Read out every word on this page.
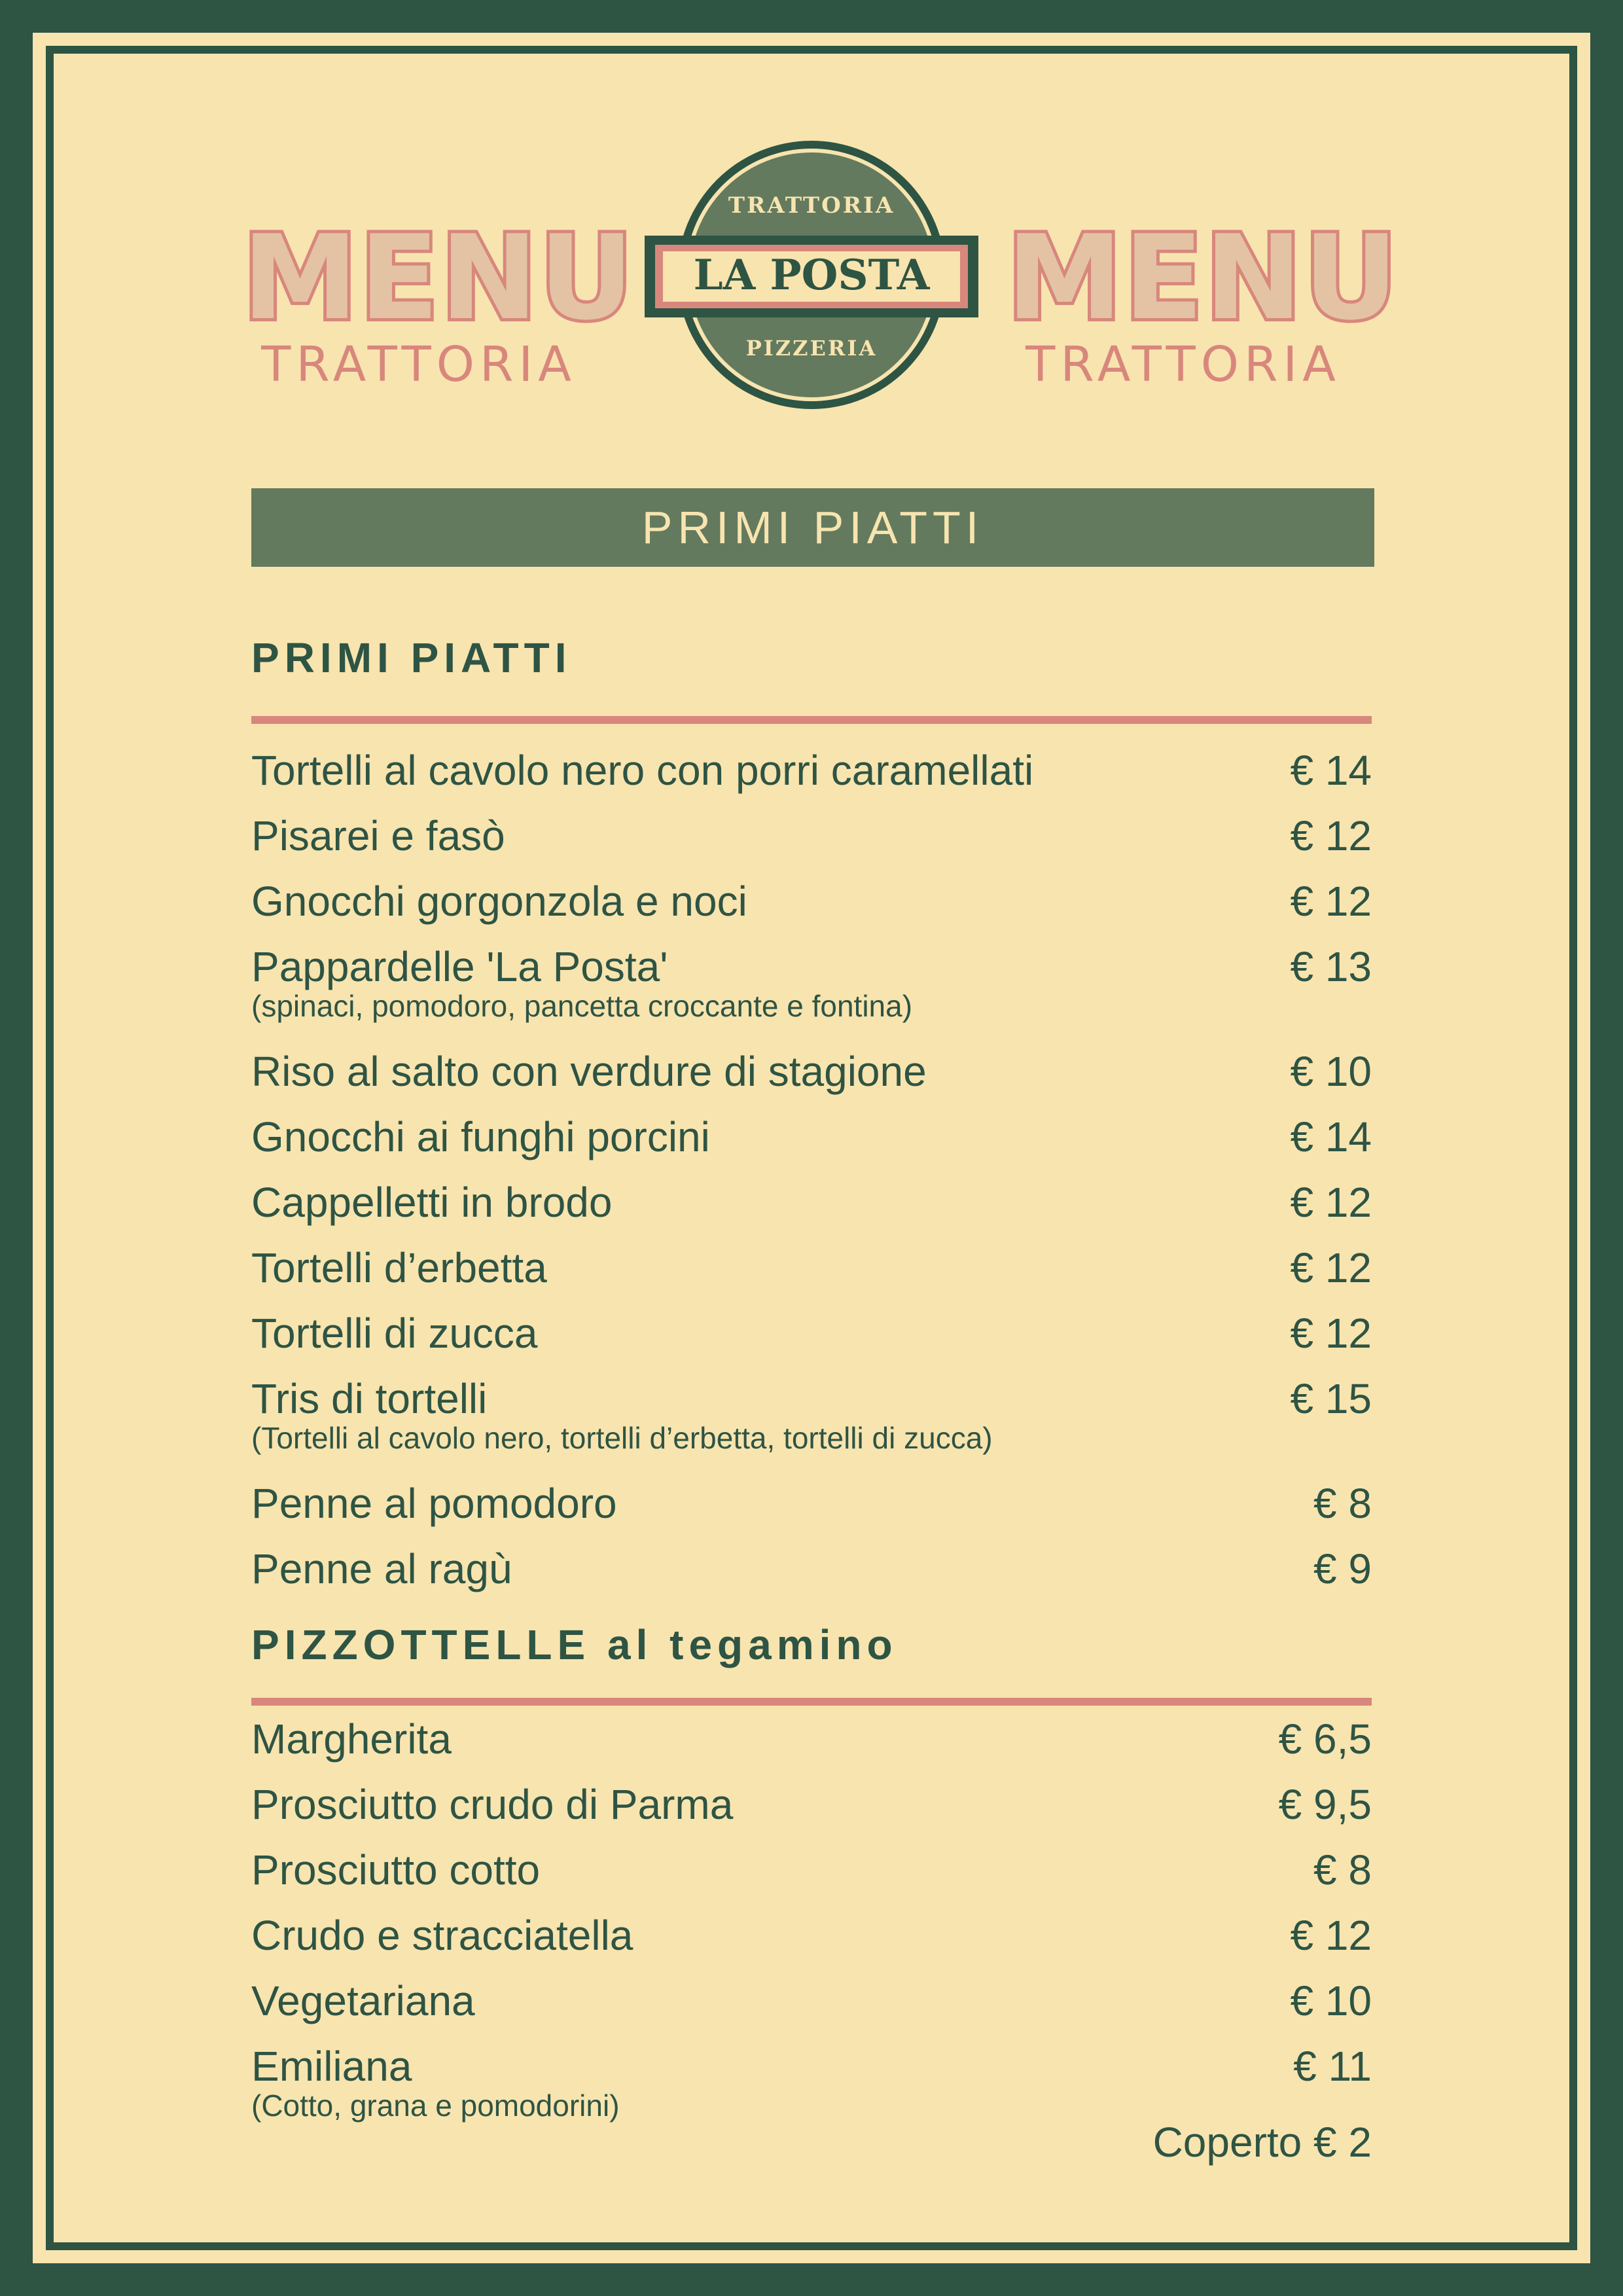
MENU
TRATTORIA
TRATTORIA
LA POSTA
PIZZERIA
MENU
TRATTORIA
PRIMI PIATTI
PRIMI PIATTI
Tortelli al cavolo nero con porri caramellati	€ 14
Pisarei e fasò	€ 12
Gnocchi gorgonzola e noci	€ 12
Pappardelle 'La Posta'	€ 13
(spinaci, pomodoro, pancetta croccante e fontina)
Riso al salto con verdure di stagione	€ 10
Gnocchi ai funghi porcini	€ 14
Cappelletti in brodo	€ 12
Tortelli d’erbetta	€ 12
Tortelli di zucca	€ 12
Tris di tortelli	€ 15
(Tortelli al cavolo nero, tortelli d’erbetta, tortelli di zucca)
Penne al pomodoro	€ 8
Penne al ragù	€ 9
PIZZOTTELLE al tegamino
Margherita	€ 6,5
Prosciutto crudo di Parma	€ 9,5
Prosciutto cotto	€ 8
Crudo e stracciatella	€ 12
Vegetariana	€ 10
Emiliana	€ 11
(Cotto, grana e pomodorini)
Coperto € 2
